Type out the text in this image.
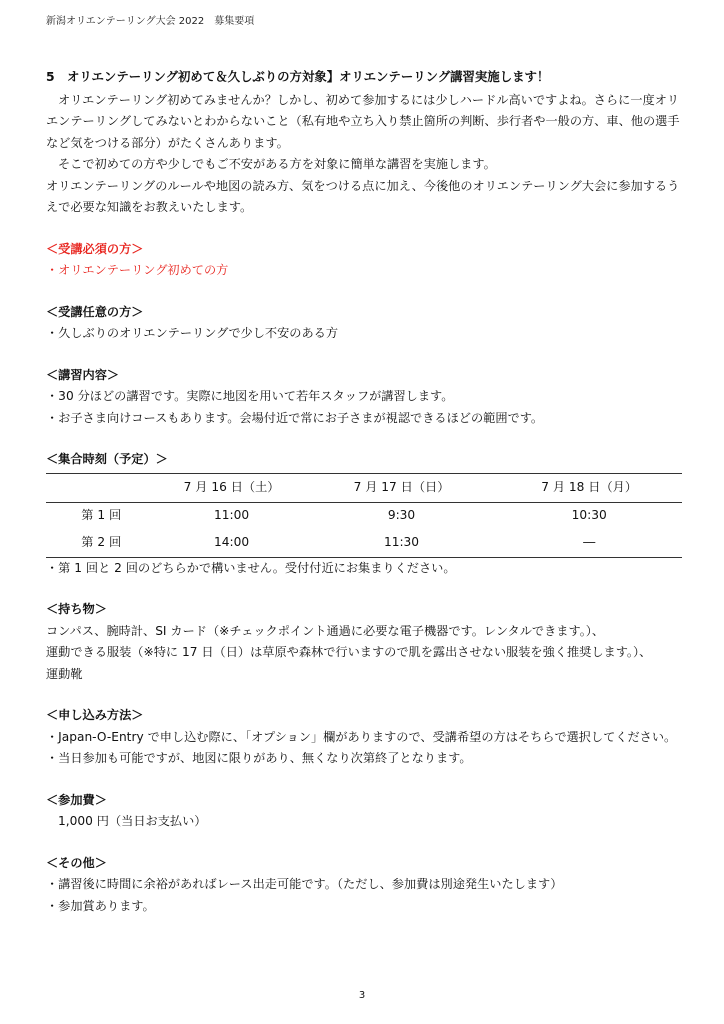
新潟オリエンテーリング大会 2022　募集要項

5　オリエンテーリング初めて＆久しぶりの方対象】オリエンテーリング講習実施します！

オリエンテーリング初めてみませんか？しかし、初めて参加するには少しハードル高いですよね。さらに一度オリエンテーリングしてみないとわからないこと（私有地や立ち入り禁止箇所の判断、歩行者や一般の方、車、他の選手など気をつける部分）がたくさんあります。

そこで初めての方や少しでもご不安がある方を対象に簡単な講習を実施します。

オリエンテーリングのルールや地図の読み方、気をつける点に加え、今後他のオリエンテーリング大会に参加するうえで必要な知識をお教えいたします。

＜受講必須の方＞

・オリエンテーリング初めての方

＜受講任意の方＞

・久しぶりのオリエンテーリングで少し不安のある方

＜講習内容＞

・30 分ほどの講習です。実際に地図を用いて若年スタッフが講習します。

・お子さま向けコースもあります。会場付近で常にお子さまが視認できるほどの範囲です。

＜集合時刻（予定）＞

	7 月 16 日（土）	7 月 17 日（日）	7 月 18 日（月）
第 1 回	11:00	9:30	10:30
第 2 回	14:00	11:30	―

・第 1 回と 2 回のどちらかで構いません。受付付近にお集まりください。

＜持ち物＞

コンパス、腕時計、SI カード（※チェックポイント通過に必要な電子機器です。レンタルできます。）、

運動できる服装（※特に 17 日（日）は草原や森林で行いますので肌を露出させない服装を強く推奨します。）、

運動靴

＜申し込み方法＞

・Japan-O-Entry で申し込む際に、「オプション」欄がありますので、受講希望の方はそちらで選択してください。

・当日参加も可能ですが、地図に限りがあり、無くなり次第終了となります。

＜参加費＞

1,000 円（当日お支払い）

＜その他＞

・講習後に時間に余裕があればレース出走可能です。（ただし、参加費は別途発生いたします）

・参加賞あります。

3
